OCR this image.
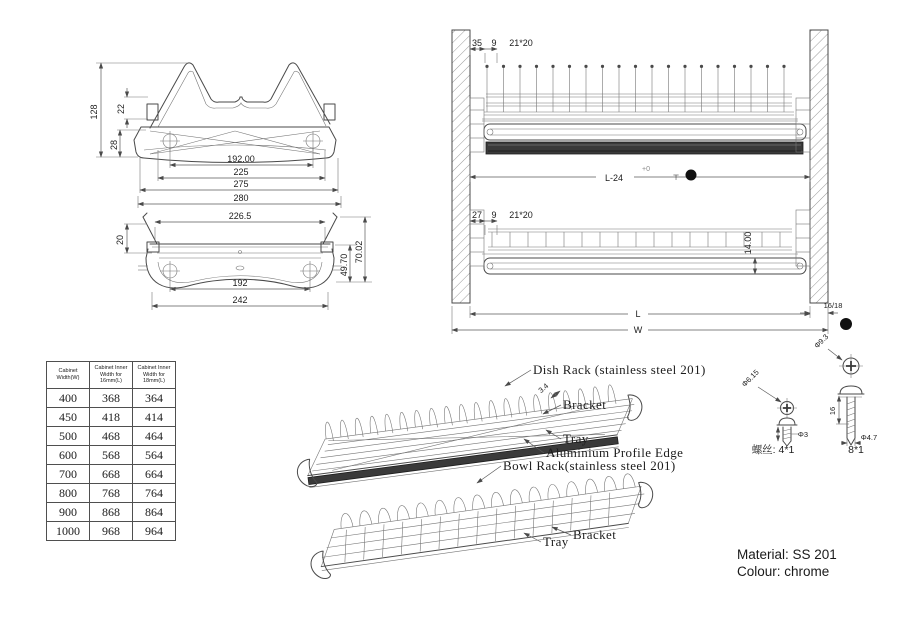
128 22
28
192.00
225
275
280
226.5
20
49.70
70.02
192
242
35 9 21*20
L-24
+0
⊤
27 9 21*20
14.00
L
W
16/18
Dish Rack (stainless steel 201)
3.4
Bracket
Tray
Aluminium Profile Edge
Bowl Rack(stainless steel 201)
Tray Bracket
Φ9.3
16
Φ4.7
8*1
Φ6.15
Φ3
螺丝: 4*1
Cabinet Width(W)	Cabinet Inner Width for 16mm(L)	Cabinet Inner Width for 18mm(L)
400	368	364
450	418	414
500	468	464
600	568	564
700	668	664
800	768	764
900	868	864
1000	968	964
Material: SS 201
Colour: chrome
